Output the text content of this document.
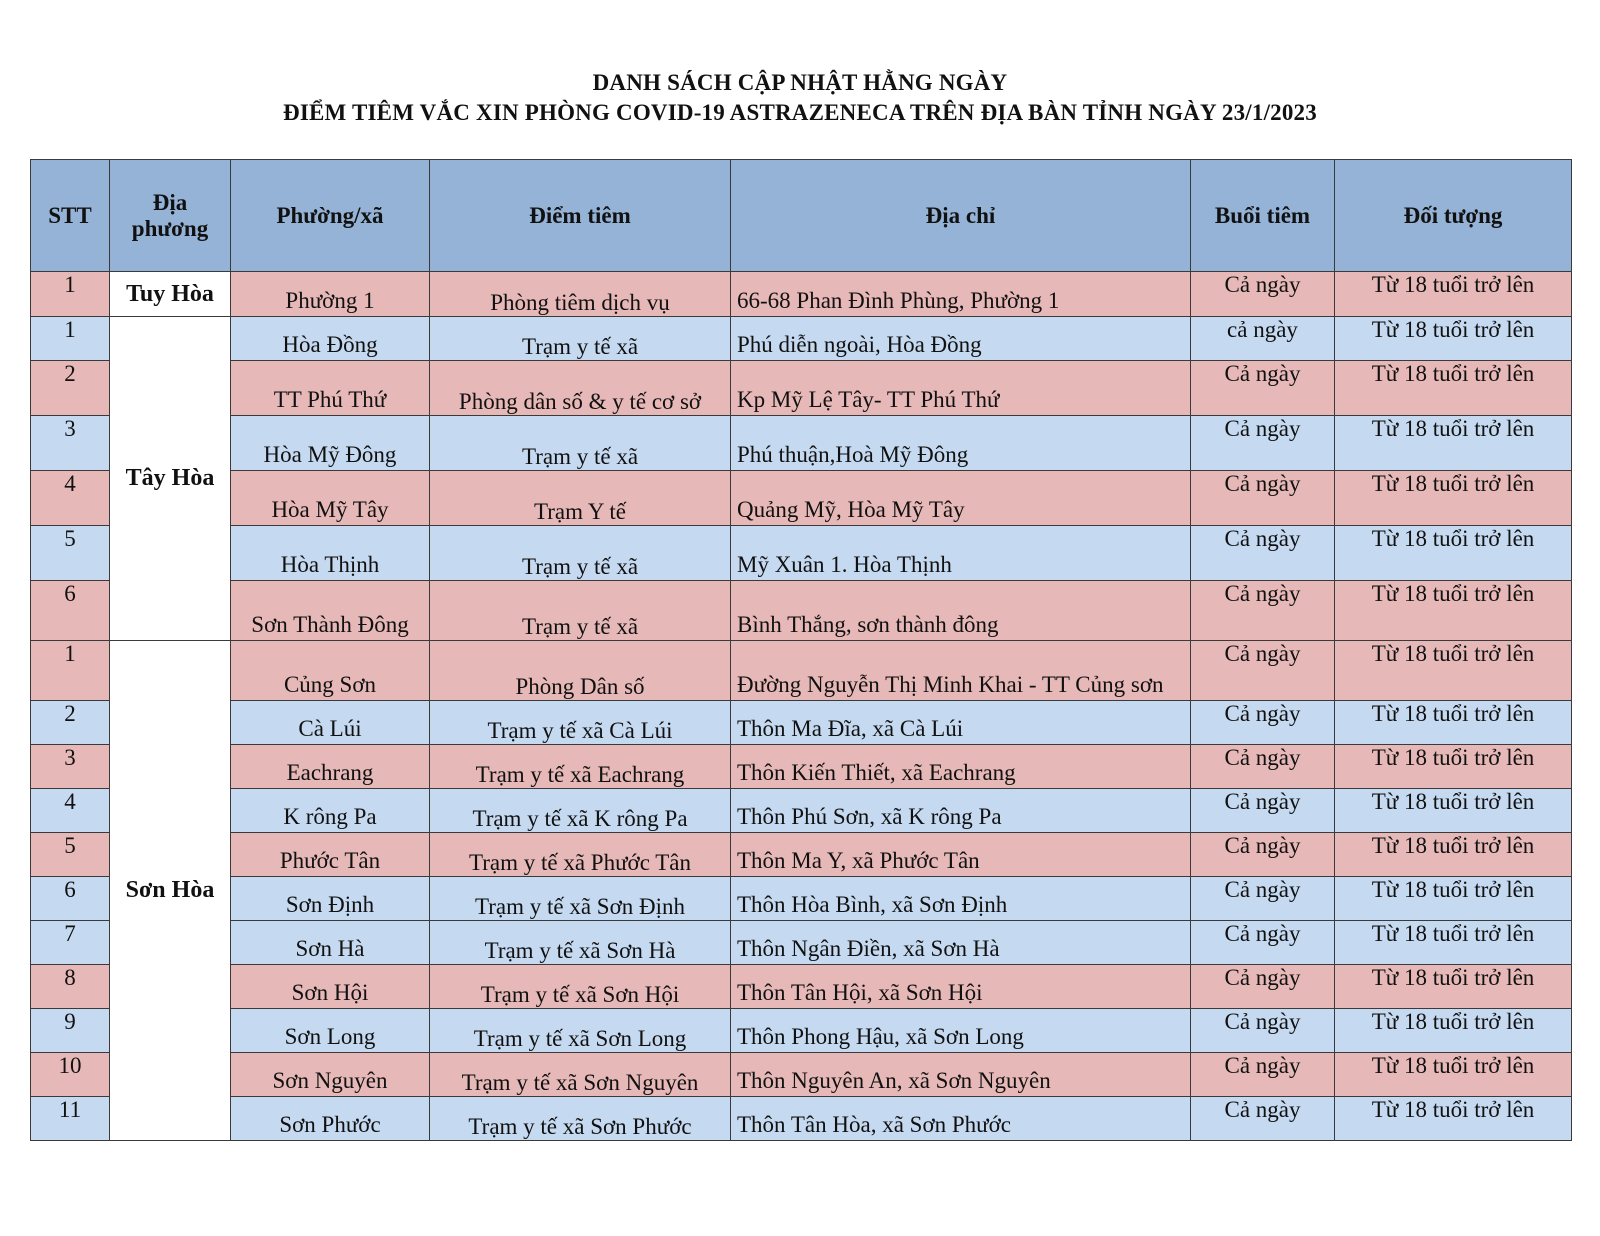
DANH SÁCH CẬP NHẬT HẰNG NGÀY
ĐIỂM TIÊM VẮC XIN PHÒNG COVID-19 ASTRAZENECA TRÊN ĐỊA BÀN TỈNH NGÀY 23/1/2023
STT	Địa phương	Phường/xã	Điểm tiêm	Địa chỉ	Buổi tiêm	Đối tượng
1	Tuy Hòa	Phường 1	Phòng tiêm dịch vụ	66-68 Phan Đình Phùng, Phường 1	Cả ngày	Từ 18 tuổi trở lên
1	Tây Hòa	Hòa Đồng	Trạm y tế xã	Phú diễn ngoài, Hòa Đồng	cả ngày	Từ 18 tuổi trở lên
2		TT Phú Thứ	Phòng dân số & y tế cơ sở	Kp Mỹ Lệ Tây- TT Phú Thứ	Cả ngày	Từ 18 tuổi trở lên
3		Hòa Mỹ Đông	Trạm y tế xã	Phú thuận,Hoà Mỹ Đông	Cả ngày	Từ 18 tuổi trở lên
4		Hòa Mỹ Tây	Trạm Y tế	Quảng Mỹ, Hòa Mỹ Tây	Cả ngày	Từ 18 tuổi trở lên
5		Hòa Thịnh	Trạm y tế xã	Mỹ Xuân 1. Hòa Thịnh	Cả ngày	Từ 18 tuổi trở lên
6		Sơn Thành Đông	Trạm y tế xã	Bình Thắng, sơn thành đông	Cả ngày	Từ 18 tuổi trở lên
1	Sơn Hòa	Củng Sơn	Phòng Dân số	Đường Nguyễn Thị Minh Khai - TT Củng sơn	Cả ngày	Từ 18 tuổi trở lên
2		Cà Lúi	Trạm y tế xã Cà Lúi	Thôn Ma Đĩa, xã Cà Lúi	Cả ngày	Từ 18 tuổi trở lên
3		Eachrang	Trạm y tế xã Eachrang	Thôn Kiến Thiết, xã Eachrang	Cả ngày	Từ 18 tuổi trở lên
4		K rông Pa	Trạm y tế xã K rông Pa	Thôn Phú Sơn, xã K rông Pa	Cả ngày	Từ 18 tuổi trở lên
5		Phước Tân	Trạm y tế xã Phước Tân	Thôn Ma Y, xã Phước Tân	Cả ngày	Từ 18 tuổi trở lên
6		Sơn Định	Trạm y tế xã Sơn Định	Thôn Hòa Bình, xã Sơn Định	Cả ngày	Từ 18 tuổi trở lên
7		Sơn Hà	Trạm y tế xã Sơn Hà	Thôn Ngân Điền, xã Sơn Hà	Cả ngày	Từ 18 tuổi trở lên
8		Sơn Hội	Trạm y tế xã Sơn Hội	Thôn Tân Hội, xã Sơn Hội	Cả ngày	Từ 18 tuổi trở lên
9		Sơn Long	Trạm y tế xã Sơn Long	Thôn Phong Hậu, xã Sơn Long	Cả ngày	Từ 18 tuổi trở lên
10		Sơn Nguyên	Trạm y tế xã Sơn Nguyên	Thôn Nguyên An, xã Sơn Nguyên	Cả ngày	Từ 18 tuổi trở lên
11		Sơn Phước	Trạm y tế xã Sơn Phước	Thôn Tân Hòa, xã Sơn Phước	Cả ngày	Từ 18 tuổi trở lên
